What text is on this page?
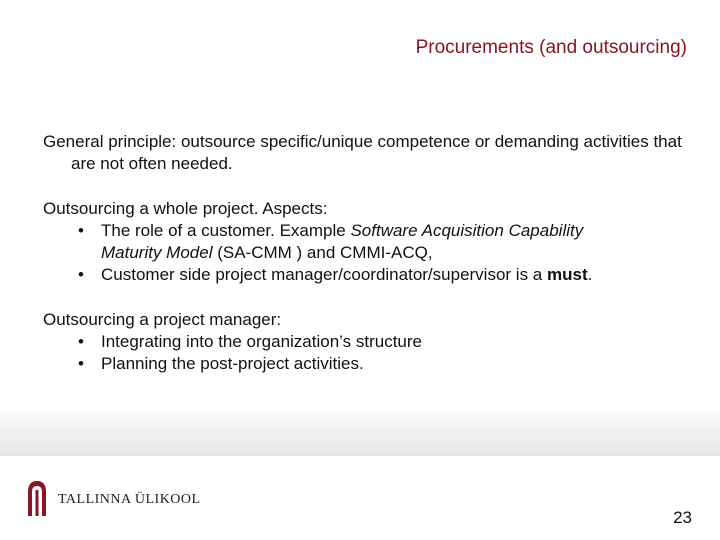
Procurements (and outsourcing)

General principle: outsource specific/unique competence or demanding activities that are not often needed.

Outsourcing a whole project. Aspects:

• The role of a customer. Example Software Acquisition Capability
Maturity Model (SA-CMM ) and CMMI-ACQ,
• Customer side project manager/coordinator/supervisor is a must.

Outsourcing a project manager:

• Integrating into the organization’s structure
• Planning the post-project activities.
TALLINNA ÜLIKOOL
23
